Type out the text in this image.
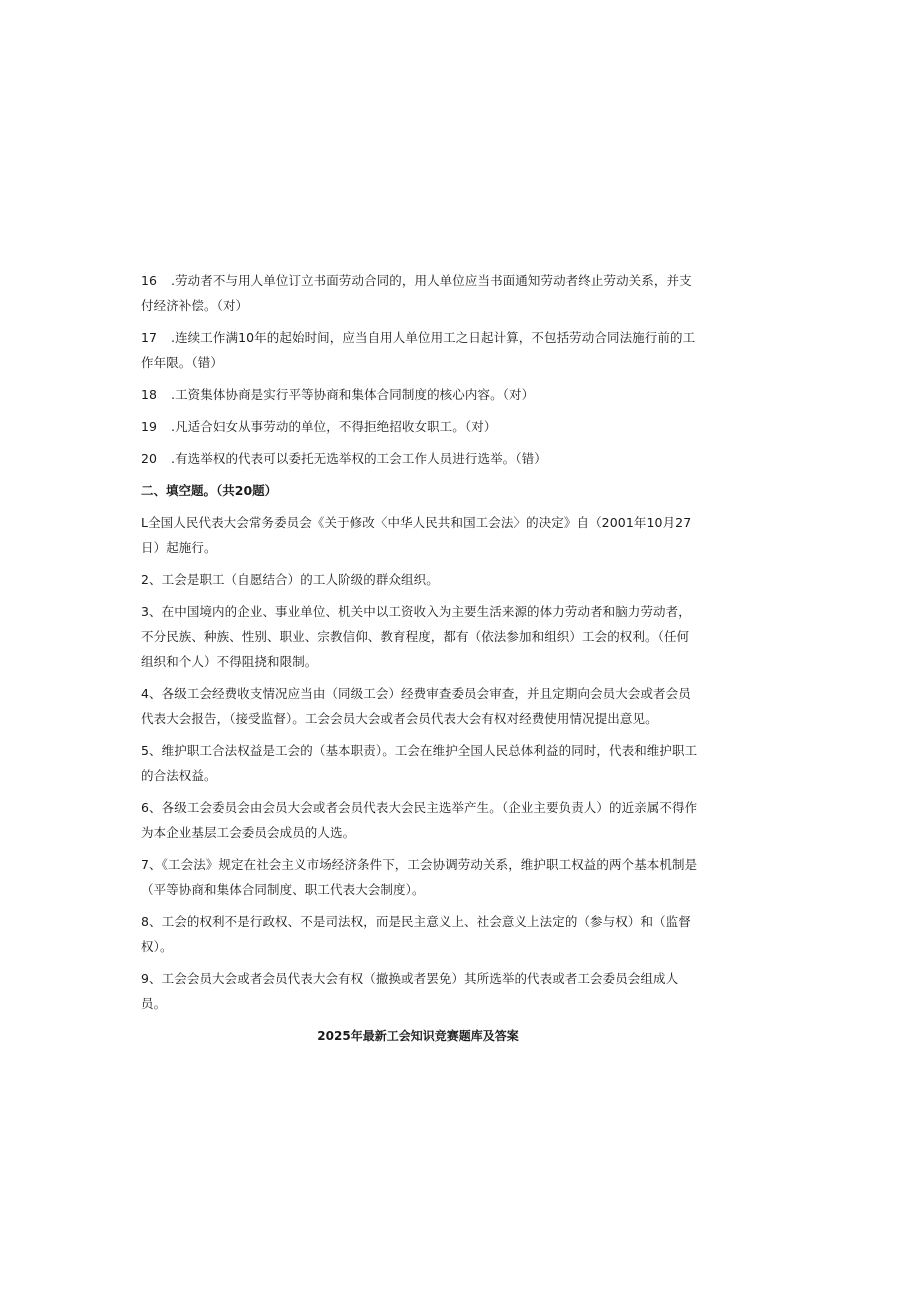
16 .劳动者不与用人单位订立书面劳动合同的，用人单位应当书面通知劳动者终止劳动关系，并支付经济补偿。（对）

17 .连续工作满10年的起始时间，应当自用人单位用工之日起计算，不包括劳动合同法施行前的工作年限。（错）

18 .工资集体协商是实行平等协商和集体合同制度的核心内容。（对）

19 .凡适合妇女从事劳动的单位，不得拒绝招收女职工。（对）

20 .有选举权的代表可以委托无选举权的工会工作人员进行选举。（错）

二、填空题。（共20题）

L全国人民代表大会常务委员会《关于修改〈中华人民共和国工会法〉的决定》自（2001年10月27日）起施行。

2、工会是职工（自愿结合）的工人阶级的群众组织。

3、在中国境内的企业、事业单位、机关中以工资收入为主要生活来源的体力劳动者和脑力劳动者，不分民族、种族、性别、职业、宗教信仰、教育程度，都有（依法参加和组织）工会的权利。（任何组织和个人）不得阻挠和限制。

4、各级工会经费收支情况应当由（同级工会）经费审查委员会审查，并且定期向会员大会或者会员代表大会报告，（接受监督）。工会会员大会或者会员代表大会有权对经费使用情况提出意见。

5、维护职工合法权益是工会的（基本职责）。工会在维护全国人民总体利益的同时，代表和维护职工的合法权益。

6、各级工会委员会由会员大会或者会员代表大会民主选举产生。（企业主要负责人）的近亲属不得作为本企业基层工会委员会成员的人选。

7、《工会法》规定在社会主义市场经济条件下，工会协调劳动关系，维护职工权益的两个基本机制是（平等协商和集体合同制度、职工代表大会制度）。

8、工会的权利不是行政权、不是司法权，而是民主意义上、社会意义上法定的（参与权）和（监督权）。

9、工会会员大会或者会员代表大会有权（撤换或者罢免）其所选举的代表或者工会委员会组成人员。

2025年最新工会知识竞赛题库及答案
